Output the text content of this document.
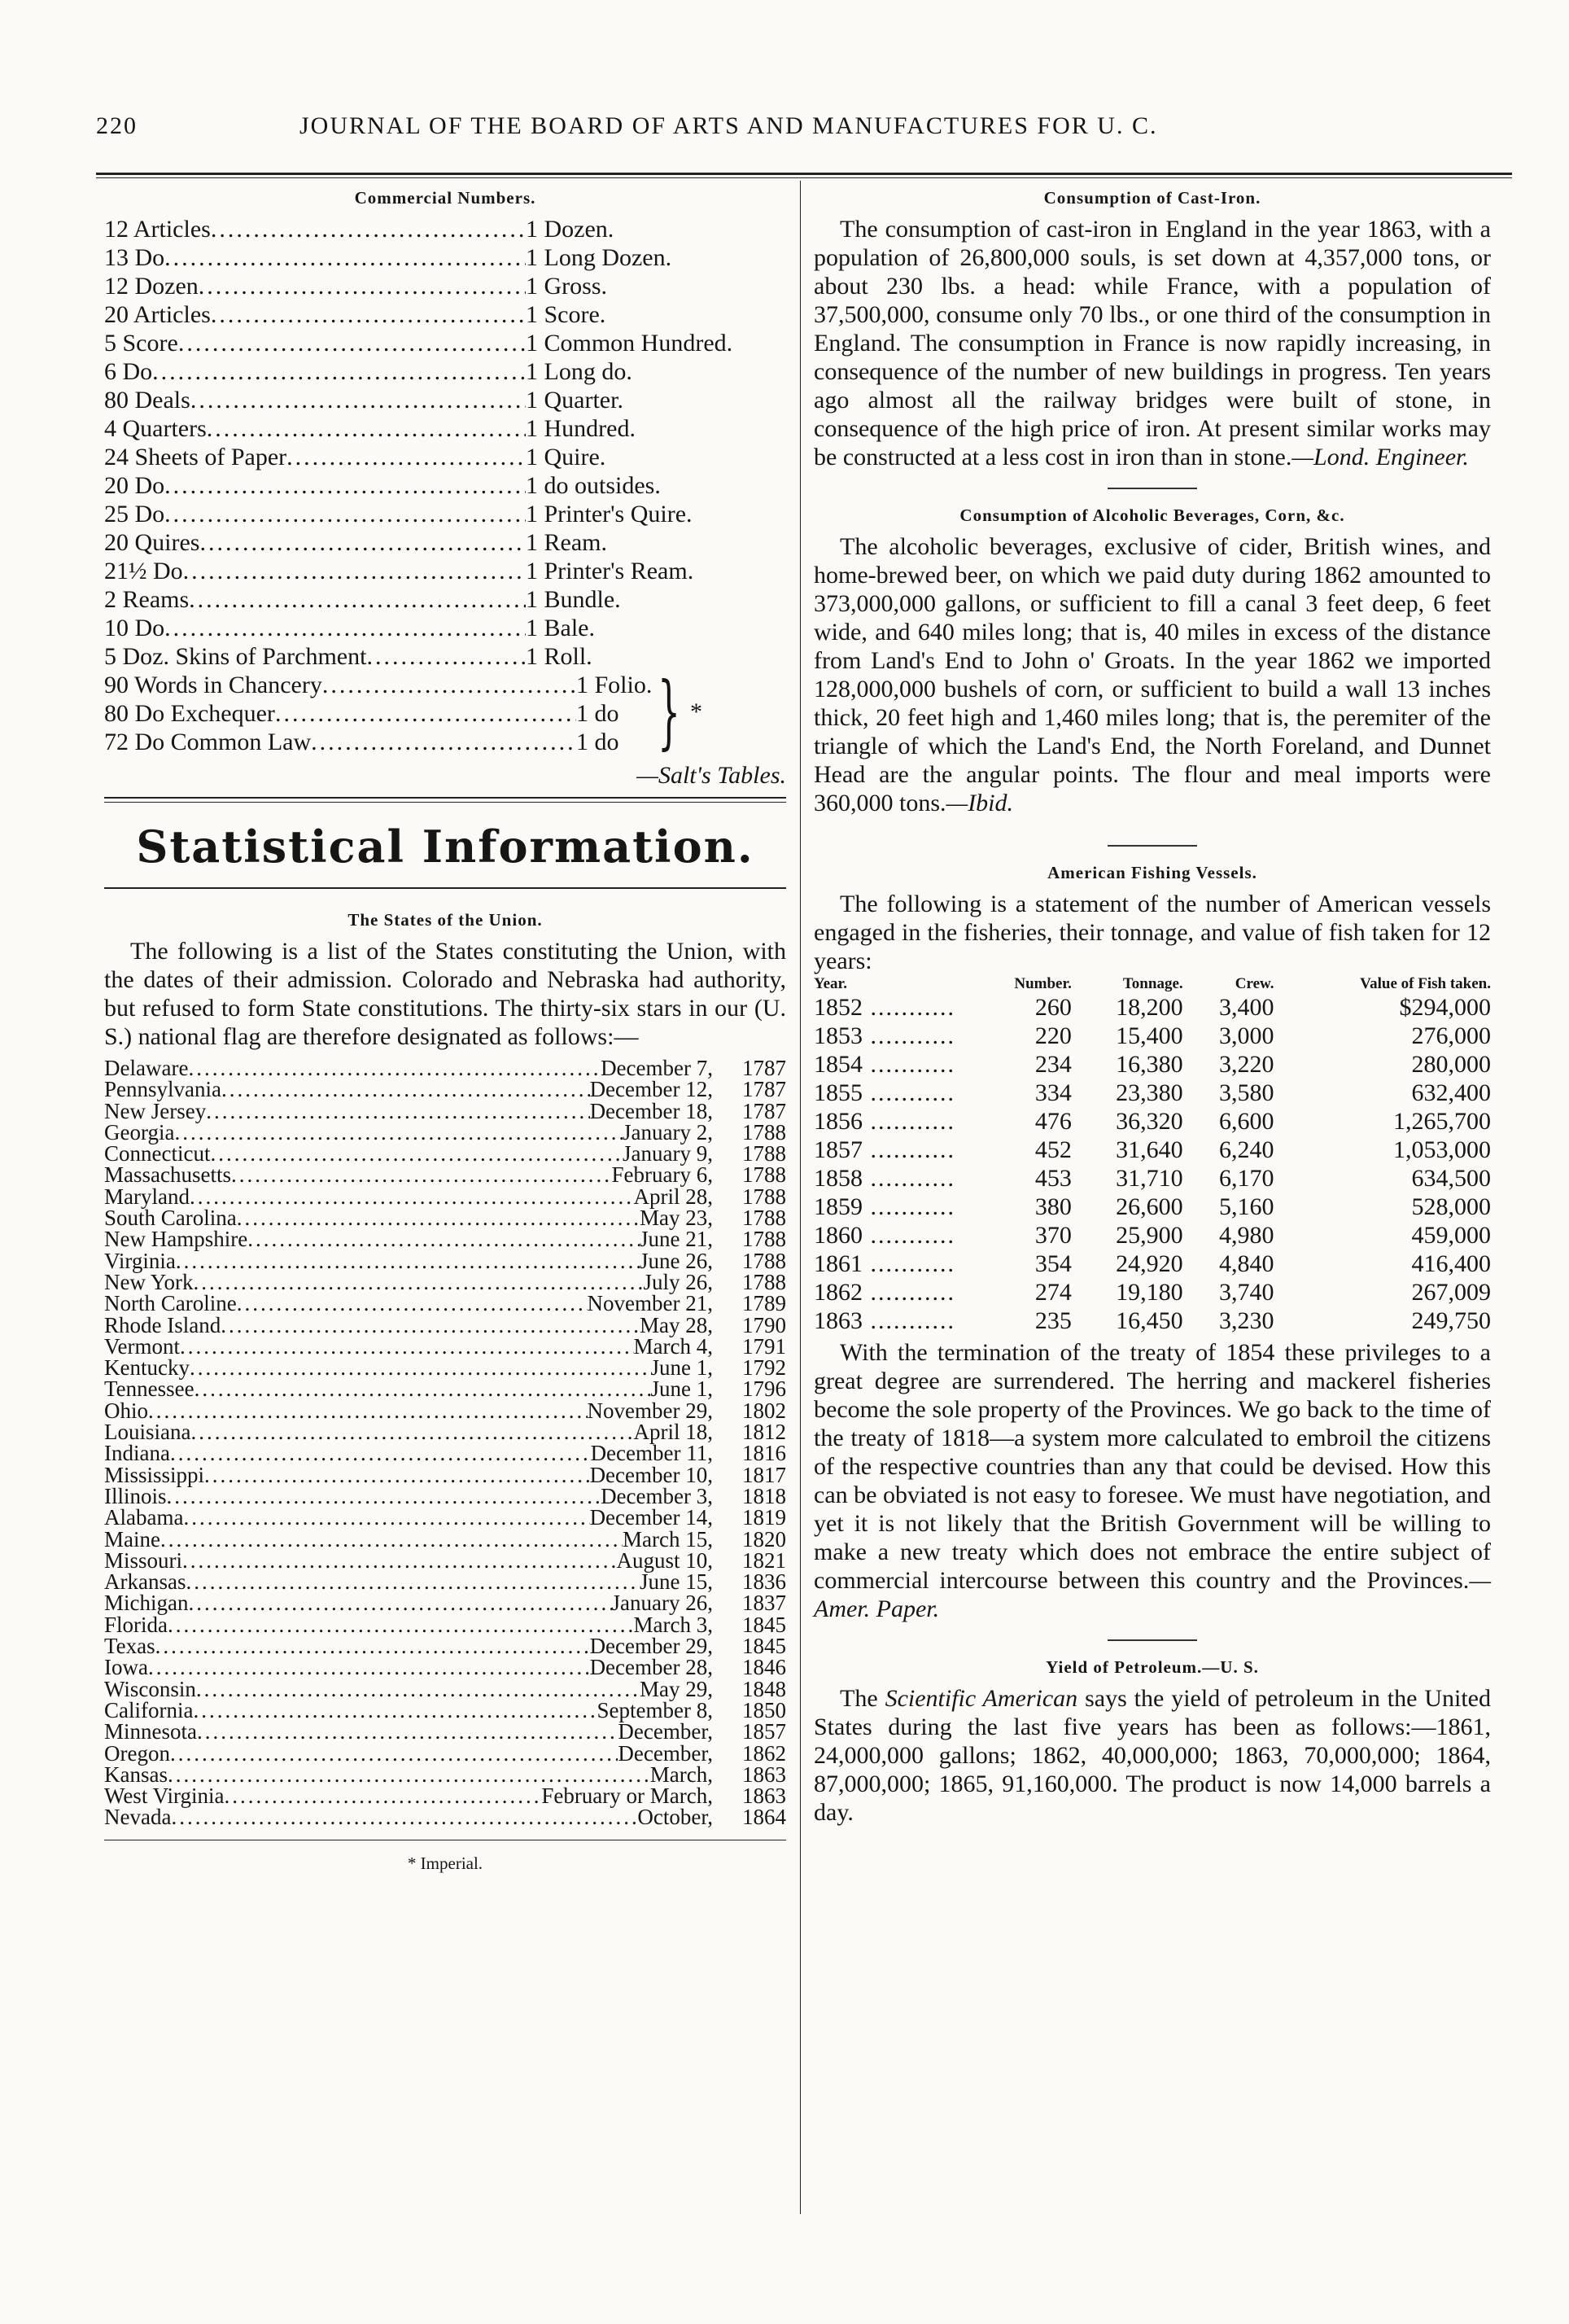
220	JOURNAL OF THE BOARD OF ARTS AND MANUFACTURES FOR U. C.
Commercial Numbers.
12 Articles .....	1 Dozen.
13 Do .....	1 Long Dozen.
12 Dozen .....	1 Gross.
20 Articles .....	1 Score.
5 Score .....	1 Common Hundred.
6 Do .....	1 Long do.
80 Deals .....	1 Quarter.
4 Quarters .....	1 Hundred.
24 Sheets of Paper .....	1 Quire.
20 Do .....	1 do outsides.
25 Do .....	1 Printer's Quire.
20 Quires .....	1 Ream.
21½ Do .....	1 Printer's Ream.
2 Reams .....	1 Bundle.
10 Do .....	1 Bale.
5 Doz. Skins of Parchment .....	1 Roll.
} *
90 Words in Chancery .....	1 Folio.
80 Do Exchequer .....	1 do
72 Do Common Law .....	1 do
—Salt's Tables.
Statistical Information.
The States of the Union.

The following is a list of the States constituting the Union, with the dates of their admission. Colorado and Nebraska had authority, but refused to form State constitutions. The thirty-six stars in our (U. S.) national flag are therefore designated as follows:—

Delaware .....	December 7,	1787
Pennsylvania .....	December 12,	1787
New Jersey .....	December 18,	1787
Georgia .....	January 2,	1788
Connecticut .....	January 9,	1788
Massachusetts .....	February 6,	1788
Maryland .....	April 28,	1788
South Carolina .....	May 23,	1788
New Hampshire .....	June 21,	1788
Virginia .....	June 26,	1788
New York .....	July 26,	1788
North Caroline .....	November 21,	1789
Rhode Island .....	May 28,	1790
Vermont .....	March 4,	1791
Kentucky .....	June 1,	1792
Tennessee .....	June 1,	1796
Ohio .....	November 29,	1802
Louisiana .....	April 18,	1812
Indiana .....	December 11,	1816
Mississippi .....	December 10,	1817
Illinois .....	December 3,	1818
Alabama .....	December 14,	1819
Maine .....	March 15,	1820
Missouri .....	August 10,	1821
Arkansas .....	June 15,	1836
Michigan .....	January 26,	1837
Florida .....	March 3,	1845
Texas .....	December 29,	1845
Iowa .....	December 28,	1846
Wisconsin .....	May 29,	1848
California .....	September 8,	1850
Minnesota .....	December,	1857
Oregon .....	December,	1862
Kansas .....	March,	1863
West Virginia .....	February or March,	1863
Nevada .....	October,	1864
* Imperial.
Consumption of Cast-Iron.

The consumption of cast-iron in England in the year 1863, with a population of 26,800,000 souls, is set down at 4,357,000 tons, or about 230 lbs. a head: while France, with a population of 37,500,000, consume only 70 lbs., or one third of the consumption in England. The consumption in France is now rapidly increasing, in consequence of the number of new buildings in progress. Ten years ago almost all the railway bridges were built of stone, in consequence of the high price of iron. At present similar works may be constructed at a less cost in iron than in stone.—Lond. Engineer.

Consumption of Alcoholic Beverages, Corn, &c.

The alcoholic beverages, exclusive of cider, British wines, and home-brewed beer, on which we paid duty during 1862 amounted to 373,000,000 gallons, or sufficient to fill a canal 3 feet deep, 6 feet wide, and 640 miles long; that is, 40 miles in excess of the distance from Land's End to John o' Groats. In the year 1862 we imported 128,000,000 bushels of corn, or sufficient to build a wall 13 inches thick, 20 feet high and 1,460 miles long; that is, the peremiter of the triangle of which the Land's End, the North Foreland, and Dunnet Head are the angular points. The flour and meal imports were 360,000 tons.—Ibid.

American Fishing Vessels.

The following is a statement of the number of American vessels engaged in the fisheries, their tonnage, and value of fish taken for 12 years:

Year.	Number.	Tonnage.	Crew.	Value of Fish taken.
1852 .....	260	18,200	3,400	$294,000
1853 .....	220	15,400	3,000	276,000
1854 .....	234	16,380	3,220	280,000
1855 .....	334	23,380	3,580	632,400
1856 .....	476	36,320	6,600	1,265,700
1857 .....	452	31,640	6,240	1,053,000
1858 .....	453	31,710	6,170	634,500
1859 .....	380	26,600	5,160	528,000
1860 .....	370	25,900	4,980	459,000
1861 .....	354	24,920	4,840	416,400
1862 .....	274	19,180	3,740	267,009
1863 .....	235	16,450	3,230	249,750

With the termination of the treaty of 1854 these privileges to a great degree are surrendered. The herring and mackerel fisheries become the sole property of the Provinces. We go back to the time of the treaty of 1818—a system more calculated to embroil the citizens of the respective countries than any that could be devised. How this can be obviated is not easy to foresee. We must have negotiation, and yet it is not likely that the British Government will be willing to make a new treaty which does not embrace the entire subject of commercial intercourse between this country and the Provinces.—Amer. Paper.

Yield of Petroleum.—U. S.

The Scientific American says the yield of petroleum in the United States during the last five years has been as follows:—1861, 24,000,000 gallons; 1862, 40,000,000; 1863, 70,000,000; 1864, 87,000,000; 1865, 91,160,000. The product is now 14,000 barrels a day.
